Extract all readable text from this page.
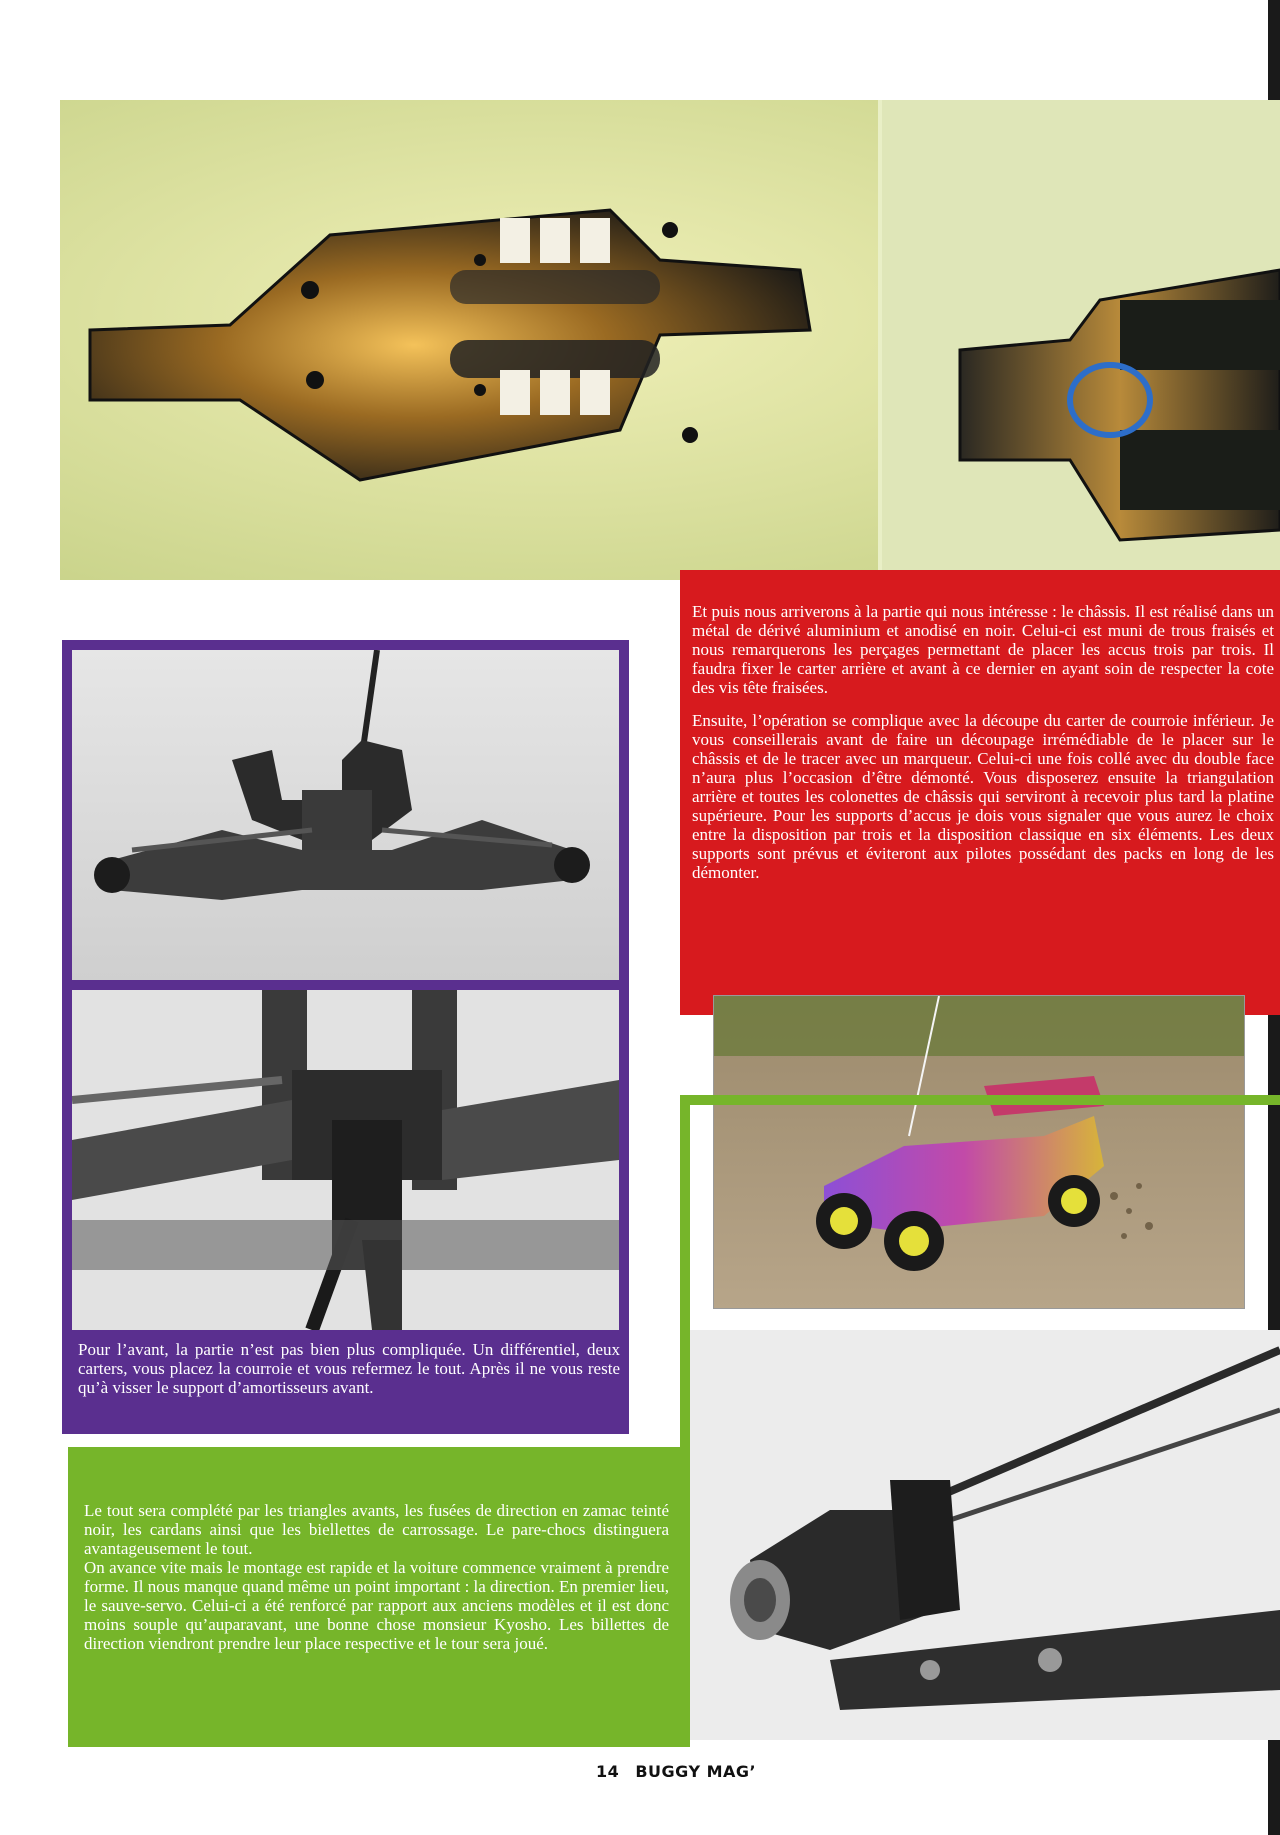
Et puis nous arriverons à la partie qui nous intéresse : le châssis. Il est réalisé dans un métal de dérivé aluminium et anodisé en noir. Celui-ci est muni de trous fraisés et nous remarquerons les perçages permettant de placer les accus trois par trois. Il faudra fixer le carter arrière et avant à ce dernier en ayant soin de respecter la cote des vis tête fraisées.

Ensuite, l’opération se complique avec la découpe du carter de courroie inférieur. Je vous conseillerais avant de faire un découpage irrémédiable de le placer sur le châssis et de le tracer avec un marqueur. Celui-ci une fois collé avec du double face n’aura plus l’occasion d’être démonté. Vous disposerez ensuite la triangulation arrière et toutes les colonettes de châssis qui serviront à recevoir plus tard la platine supérieure. Pour les supports d’accus je dois vous signaler que vous aurez le choix entre la disposition par trois et la disposition classique en six éléments. Les deux supports sont prévus et éviteront aux pilotes possédant des packs en long de les démonter.

Pour l’avant, la partie n’est pas bien plus compliquée. Un différentiel, deux carters, vous placez la courroie et vous refermez le tout. Après il ne vous reste qu’à visser le support d’amortisseurs avant.
Le tout sera complété par les triangles avants, les fusées de direction en zamac teinté noir, les cardans ainsi que les biellettes de carrossage. Le pare-chocs distinguera avantageusement le tout.
On avance vite mais le montage est rapide et la voiture commence vraiment à prendre forme. Il nous manque quand même un point important : la direction. En premier lieu, le sauve-servo. Celui-ci a été renforcé par rapport aux anciens modèles et il est donc moins souple qu’auparavant, une bonne chose monsieur Kyosho. Les billettes de direction viendront prendre leur place respective et le tour sera joué.
14 BUGGY MAG’
